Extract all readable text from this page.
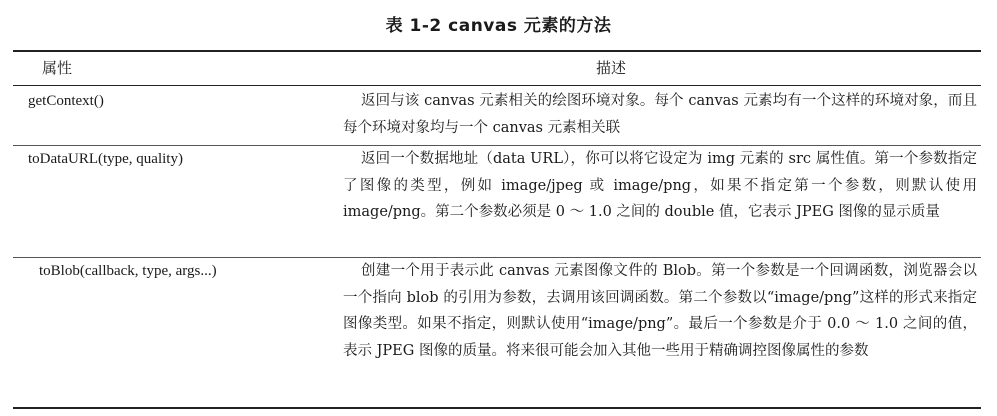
表 1-2 canvas 元素的方法
属性	描述
getContext()	返回与该 canvas 元素相关的绘图环境对象。每个 canvas 元素均有一个这样的环境对象，而且每个环境对象均与一个 canvas 元素相关联
toDataURL(type, quality)	返回一个数据地址（data URL），你可以将它设定为 img 元素的 src 属性值。第一个参数指定了图像的类型，例如 image/jpeg 或 image/png，如果不指定第一个参数，则默认使用 image/png。第二个参数必须是 0 ～ 1.0 之间的 double 值，它表示 JPEG 图像的显示质量
toBlob(callback, type, args...)	创建一个用于表示此 canvas 元素图像文件的 Blob。第一个参数是一个回调函数，浏览器会以一个指向 blob 的引用为参数，去调用该回调函数。第二个参数以“image/png”这样的形式来指定图像类型。如果不指定，则默认使用“image/png”。最后一个参数是介于 0.0 ～ 1.0 之间的值，表示 JPEG 图像的质量。将来很可能会加入其他一些用于精确调控图像属性的参数
